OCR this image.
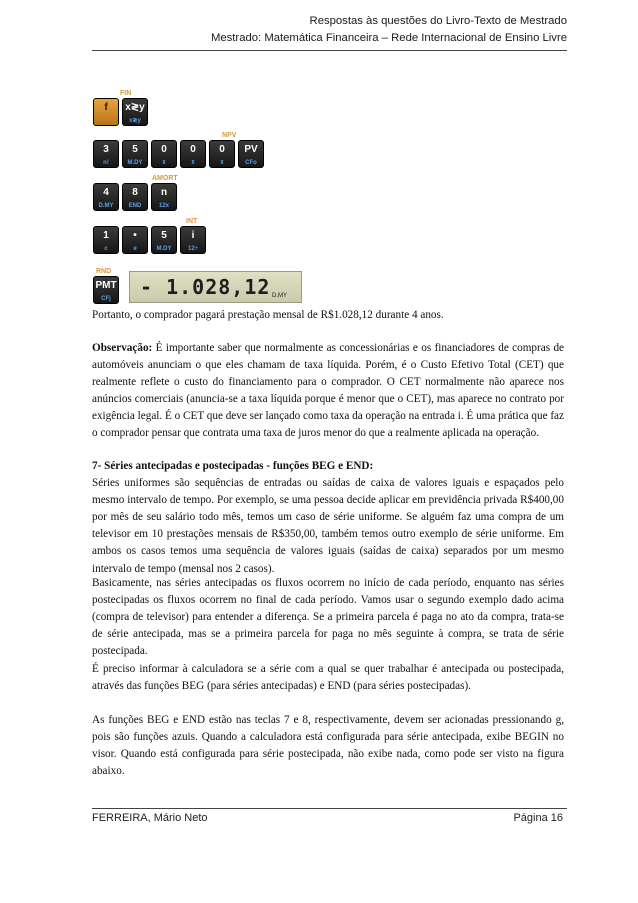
Respostas às questões do Livro-Texto de Mestrado
Mestrado: Matemática Financeira – Rede Internacional de Ensino Livre
FIN
f x≷y
x≷y
NPV
3
n!
5
M.DY
0
x̄
0
x̄
0
x̄
PV
CFo
AMORT
4
D.MY
8
END
n
12x
INT
1
c
•
e
5
M.DY
i
12÷
RND
PMT
CFj	- 1.028,12 D.MY
Portanto, o comprador pagará prestação mensal de R$1.028,12 durante 4 anos.
Observação: É importante saber que normalmente as concessionárias e os financiadores de compras de automóveis anunciam o que eles chamam de taxa líquida. Porém, é o Custo Efetivo Total (CET) que realmente reflete o custo do financiamento para o comprador. O CET normalmente não aparece nos anúncios comerciais (anuncia-se a taxa líquida porque é menor que o CET), mas aparece no contrato por exigência legal. É o CET que deve ser lançado como taxa da operação na entrada i. É uma prática que faz o comprador pensar que contrata uma taxa de juros menor do que a realmente aplicada na operação.
7- Séries antecipadas e postecipadas - funções BEG e END:
Séries uniformes são sequências de entradas ou saídas de caixa de valores iguais e espaçados pelo mesmo intervalo de tempo. Por exemplo, se uma pessoa decide aplicar em previdência privada R$400,00 por mês de seu salário todo mês, temos um caso de série uniforme. Se alguém faz uma compra de um televisor em 10 prestações mensais de R$350,00, também temos outro exemplo de série uniforme. Em ambos os casos temos uma sequência de valores iguais (saídas de caixa) separados por um mesmo intervalo de tempo (mensal nos 2 casos).
Basicamente, nas séries antecipadas os fluxos ocorrem no início de cada período, enquanto nas séries postecipadas os fluxos ocorrem no final de cada período. Vamos usar o segundo exemplo dado acima (compra de televisor) para entender a diferença. Se a primeira parcela é paga no ato da compra, trata-se de série antecipada, mas se a primeira parcela for paga no mês seguinte à compra, se trata de série postecipada.
É preciso informar à calculadora se a série com a qual se quer trabalhar é antecipada ou postecipada, através das funções BEG (para séries antecipadas) e END (para séries postecipadas).
As funções BEG e END estão nas teclas 7 e 8, respectivamente, devem ser acionadas pressionando g, pois são funções azuis. Quando a calculadora está configurada para série antecipada, exibe BEGIN no visor. Quando está configurada para série postecipada, não exibe nada, como pode ser visto na figura abaixo.
FERREIRA, Mário Neto	Página 16
